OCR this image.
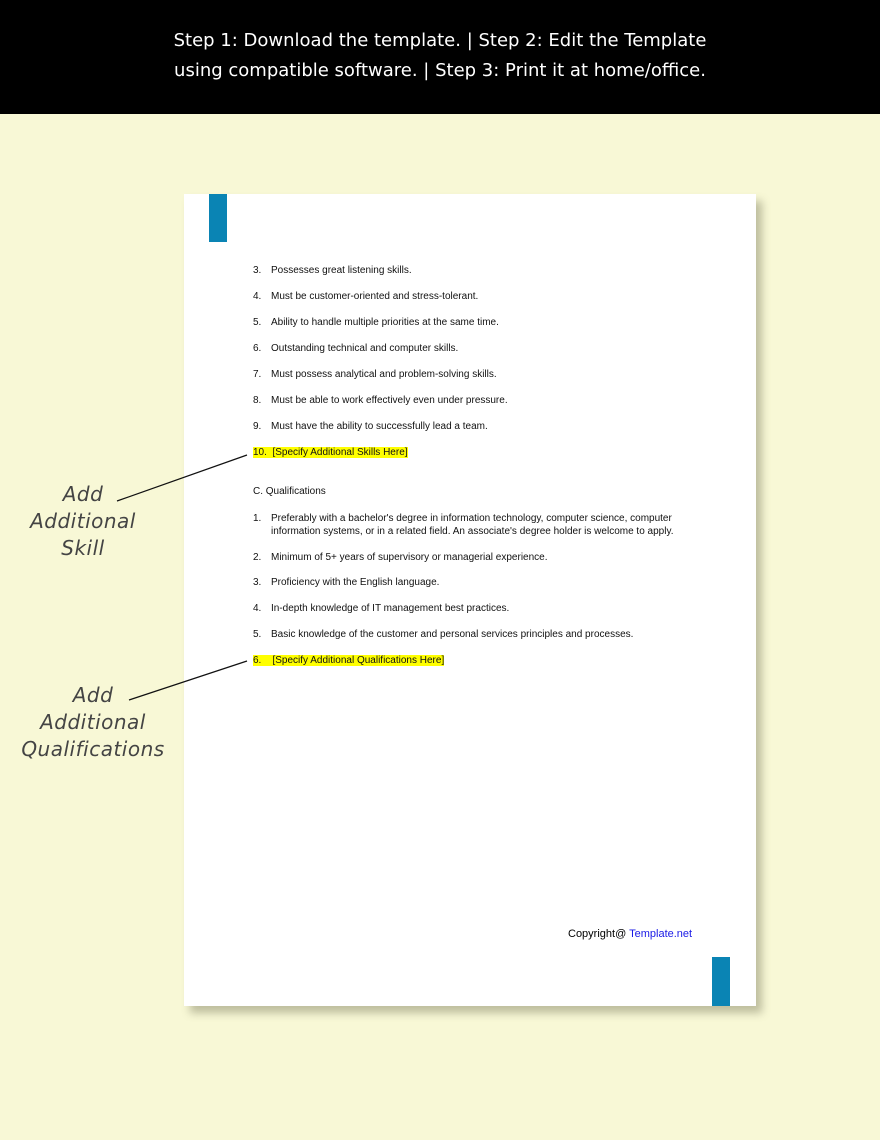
Step 1: Download the template. | Step 2: Edit the Template
using compatible software. | Step 3: Print it at home/office.
3. Possesses great listening skills.
4. Must be customer-oriented and stress-tolerant.
5. Ability to handle multiple priorities at the same time.
6. Outstanding technical and computer skills.
7. Must possess analytical and problem-solving skills.
8. Must be able to work effectively even under pressure.
9. Must have the ability to successfully lead a team.
10. [Specify Additional Skills Here]
C. Qualifications
1. Preferably with a bachelor's degree in information technology, computer science, computer information systems, or in a related field. An associate's degree holder is welcome to apply.
2. Minimum of 5+ years of supervisory or managerial experience.
3. Proficiency with the English language.
4. In-depth knowledge of IT management best practices.
5. Basic knowledge of the customer and personal services principles and processes.
6. [Specify Additional Qualifications Here]
Copyright@ Template.net
Add
Additional
Skill
Add
Additional
Qualifications
